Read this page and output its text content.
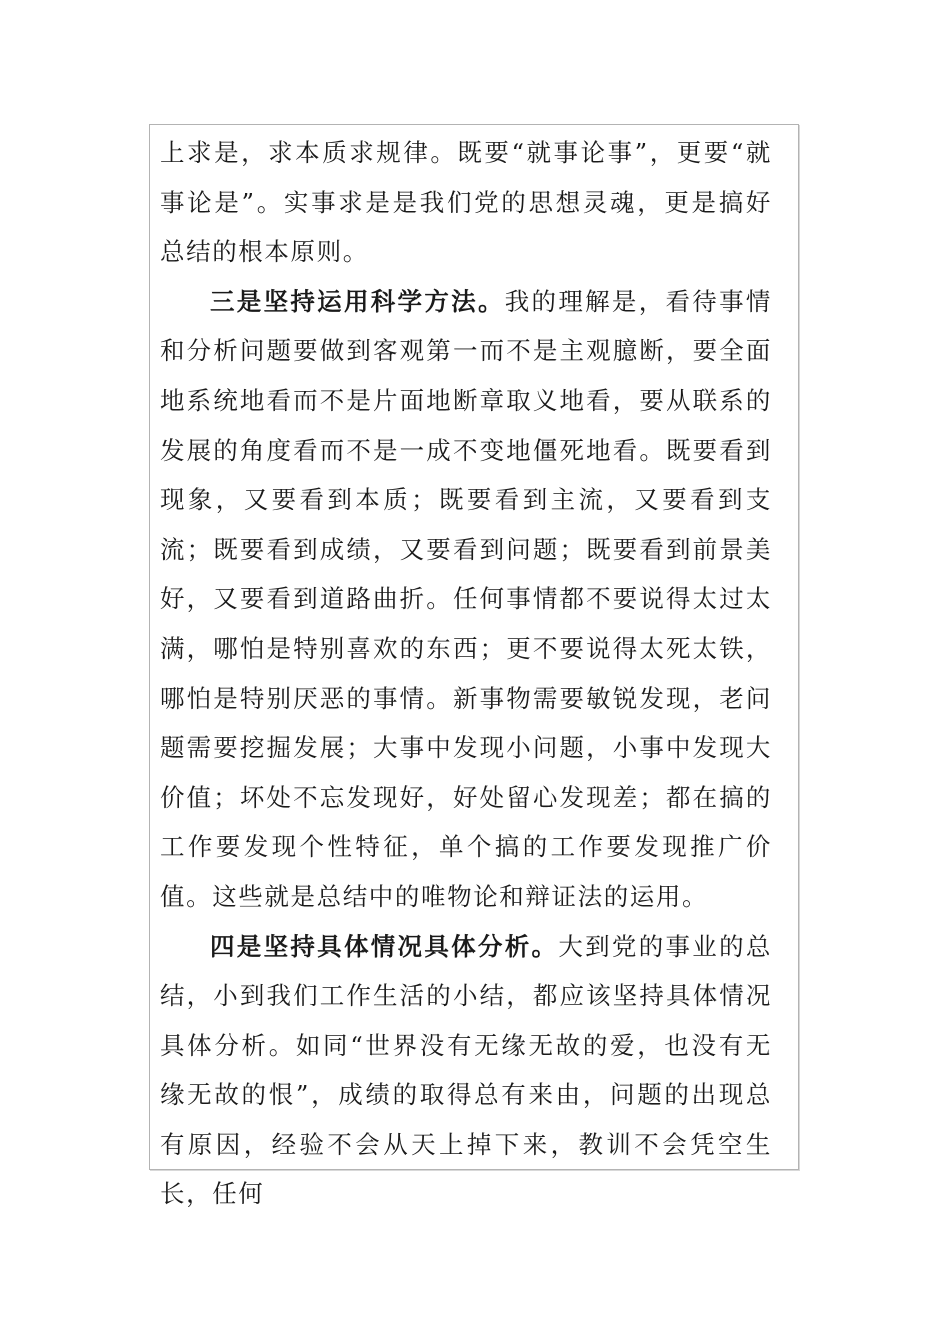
上求是，求本质求规律。既要“就事论事”，更要“就事论是”。实事求是是我们党的思想灵魂，更是搞好总结的根本原则。

三是坚持运用科学方法。我的理解是，看待事情和分析问题要做到客观第一而不是主观臆断，要全面地系统地看而不是片面地断章取义地看，要从联系的发展的角度看而不是一成不变地僵死地看。既要看到现象，又要看到本质；既要看到主流，又要看到支流；既要看到成绩，又要看到问题；既要看到前景美好，又要看到道路曲折。任何事情都不要说得太过太满，哪怕是特别喜欢的东西；更不要说得太死太铁，哪怕是特别厌恶的事情。新事物需要敏锐发现，老问题需要挖掘发展；大事中发现小问题，小事中发现大价值；坏处不忘发现好，好处留心发现差；都在搞的工作要发现个性特征，单个搞的工作要发现推广价值。这些就是总结中的唯物论和辩证法的运用。

四是坚持具体情况具体分析。大到党的事业的总结，小到我们工作生活的小结，都应该坚持具体情况具体分析。如同“世界没有无缘无故的爱，也没有无缘无故的恨”，成绩的取得总有来由，问题的出现总有原因，经验不会从天上掉下来，教训不会凭空生长，任何
